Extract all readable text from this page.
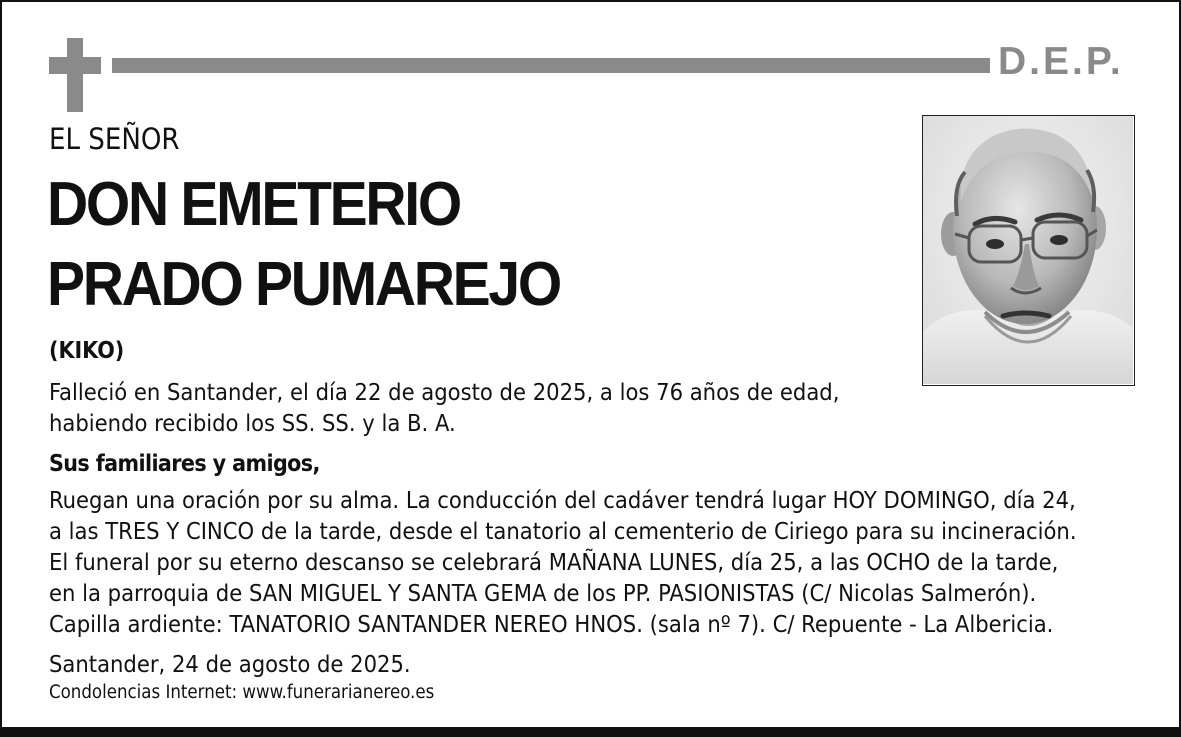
D.E.P.
EL SEÑOR
DON EMETERIO
PRADO PUMAREJO
(KIKO)
Falleció en Santander, el día 22 de agosto de 2025, a los 76 años de edad,
habiendo recibido los SS. SS. y la B. A.
Sus familiares y amigos,
Ruegan una oración por su alma. La conducción del cadáver tendrá lugar HOY DOMINGO, día 24,
a las TRES Y CINCO de la tarde, desde el tanatorio al cementerio de Ciriego para su incineración.
El funeral por su eterno descanso se celebrará MAÑANA LUNES, día 25, a las OCHO de la tarde,
en la parroquia de SAN MIGUEL Y SANTA GEMA de los PP. PASIONISTAS (C/ Nicolas Salmerón).
Capilla ardiente: TANATORIO SANTANDER NEREO HNOS. (sala nº 7). C/ Repuente - La Albericia.
Santander, 24 de agosto de 2025.
Condolencias Internet: www.funerarianereo.es
